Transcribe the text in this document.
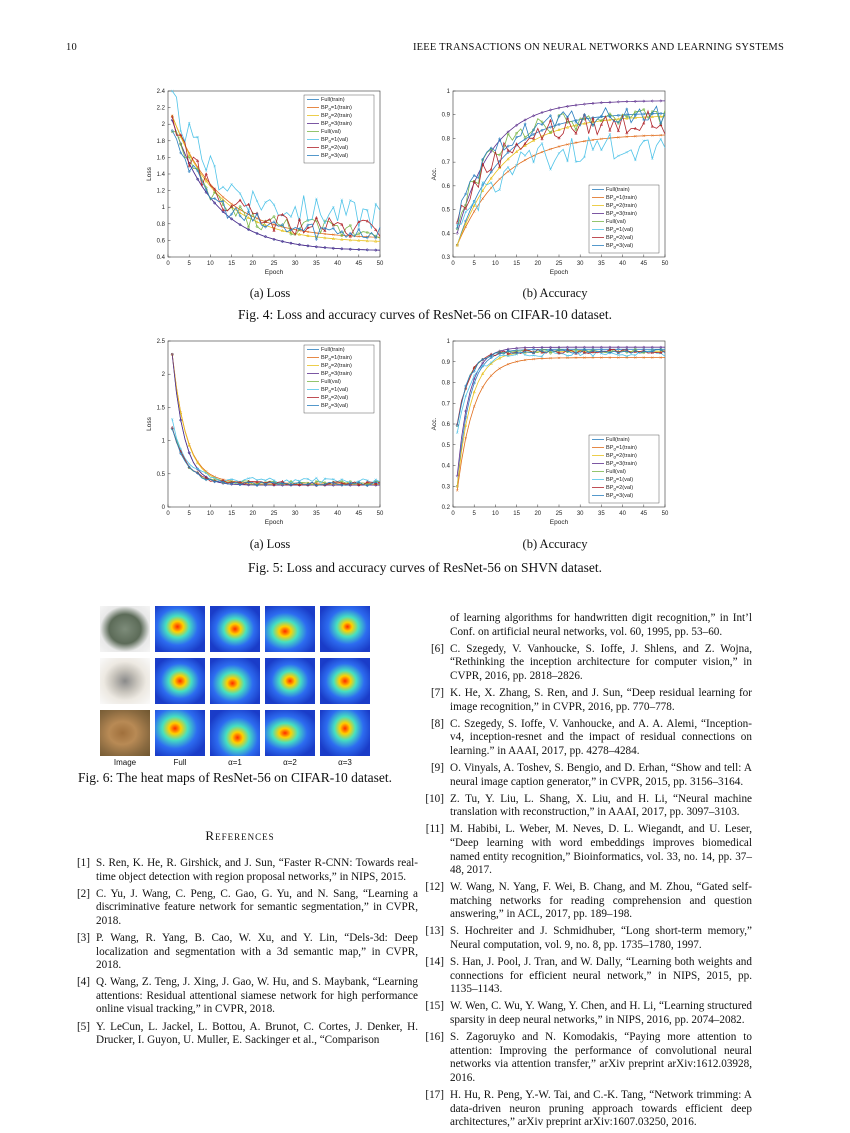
10	IEEE TRANSACTIONS ON NEURAL NETWORKS AND LEARNING SYSTEMS
0	5	10 15 20 25 30 35 40 45 50
0.4
0.6
0.8
1
1.2
1.4
1.6
1.8
2
2.2
2.4
Epoch
Loss
Full(train)
$BP_\alpha=1(train)$
$BP_\alpha=2(train)$
$BP_\alpha=3(train)$
Full(val)
$BP_\alpha=1(val)$
$BP_\alpha=2(val)$
$BP_\alpha=3(val)$
0	5	10 15 20 25 30 35 40 45 50
0.3
0.4
0.5
0.6
0.7
0.8
0.9
1
Epoch
Acc.
Full(train)
$BP_\alpha=1(train)$
$BP_\alpha=2(train)$
$BP_\alpha=3(train)$
Full(val)
$BP_\alpha=1(val)$
$BP_\alpha=2(val)$
$BP_\alpha=3(val)$
(a) Loss	(b) Accuracy
Fig. 4: Loss and accuracy curves of ResNet-56 on CIFAR-10 dataset.
0	5	10 15 20 25 30 35 40 45 50
0
0.5
1
1.5
2
2.5
Epoch
Loss
Full(train)
$BP_\alpha=1(train)$
$BP_\alpha=2(train)$
$BP_\alpha=3(train)$
Full(val)
$BP_\alpha=1(val)$
$BP_\alpha=2(val)$
$BP_\alpha=3(val)$
0	5	10 15 20 25 30 35 40 45 50
0.2
0.3
0.4
0.5
0.6
0.7
0.8
0.9
1
Epoch
Acc.
Full(train)
$BP_\alpha=1(train)$
$BP_\alpha=2(train)$
$BP_\alpha=3(train)$
Full(val)
$BP_\alpha=1(val)$
$BP_\alpha=2(val)$
$BP_\alpha=3(val)$
(a) Loss	(b) Accuracy
Fig. 5: Loss and accuracy curves of ResNet-56 on SHVN dataset.
Image	Full	α=1	α=2	α=3
Fig. 6: The heat maps of ResNet-56 on CIFAR-10 dataset.
References
[1] S. Ren, K. He, R. Girshick, and J. Sun, “Faster R-CNN: Towards real-time object detection with region proposal networks,” in NIPS, 2015.
[2] C. Yu, J. Wang, C. Peng, C. Gao, G. Yu, and N. Sang, “Learning a discriminative feature network for semantic segmentation,” in CVPR, 2018.
[3] P. Wang, R. Yang, B. Cao, W. Xu, and Y. Lin, “Dels-3d: Deep localization and segmentation with a 3d semantic map,” in CVPR, 2018.
[4] Q. Wang, Z. Teng, J. Xing, J. Gao, W. Hu, and S. Maybank, “Learning attentions: Residual attentional siamese network for high performance online visual tracking,” in CVPR, 2018.
[5] Y. LeCun, L. Jackel, L. Bottou, A. Brunot, C. Cortes, J. Denker, H. Drucker, I. Guyon, U. Muller, E. Sackinger et al., “Comparison
of learning algorithms for handwritten digit recognition,” in Int’l Conf. on artificial neural networks, vol. 60, 1995, pp. 53–60.
[6] C. Szegedy, V. Vanhoucke, S. Ioffe, J. Shlens, and Z. Wojna, “Rethinking the inception architecture for computer vision,” in CVPR, 2016, pp. 2818–2826.
[7] K. He, X. Zhang, S. Ren, and J. Sun, “Deep residual learning for image recognition,” in CVPR, 2016, pp. 770–778.
[8] C. Szegedy, S. Ioffe, V. Vanhoucke, and A. A. Alemi, “Inception-v4, inception-resnet and the impact of residual connections on learning.” in AAAI, 2017, pp. 4278–4284.
[9] O. Vinyals, A. Toshev, S. Bengio, and D. Erhan, “Show and tell: A neural image caption generator,” in CVPR, 2015, pp. 3156–3164.
[10] Z. Tu, Y. Liu, L. Shang, X. Liu, and H. Li, “Neural machine translation with reconstruction,” in AAAI, 2017, pp. 3097–3103.
[11] M. Habibi, L. Weber, M. Neves, D. L. Wiegandt, and U. Leser, “Deep learning with word embeddings improves biomedical named entity recognition,” Bioinformatics, vol. 33, no. 14, pp. 37–48, 2017.
[12] W. Wang, N. Yang, F. Wei, B. Chang, and M. Zhou, “Gated self-matching networks for reading comprehension and question answering,” in ACL, 2017, pp. 189–198.
[13] S. Hochreiter and J. Schmidhuber, “Long short-term memory,” Neural computation, vol. 9, no. 8, pp. 1735–1780, 1997.
[14] S. Han, J. Pool, J. Tran, and W. Dally, “Learning both weights and connections for efficient neural network,” in NIPS, 2015, pp. 1135–1143.
[15] W. Wen, C. Wu, Y. Wang, Y. Chen, and H. Li, “Learning structured sparsity in deep neural networks,” in NIPS, 2016, pp. 2074–2082.
[16] S. Zagoruyko and N. Komodakis, “Paying more attention to attention: Improving the performance of convolutional neural networks via attention transfer,” arXiv preprint arXiv:1612.03928, 2016.
[17] H. Hu, R. Peng, Y.-W. Tai, and C.-K. Tang, “Network trimming: A data-driven neuron pruning approach towards efficient deep architectures,” arXiv preprint arXiv:1607.03250, 2016.
